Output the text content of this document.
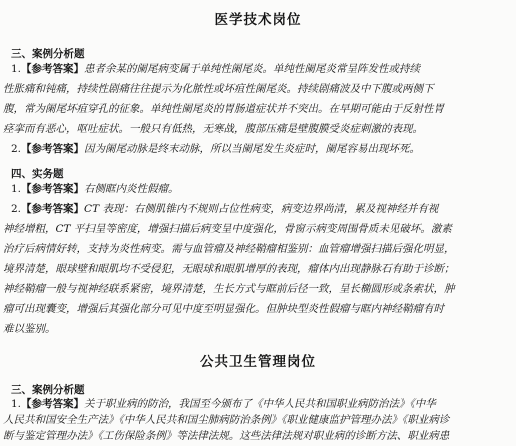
医学技术岗位
三、案例分析题
1.【参考答案】患者余某的阑尾病变属于单纯性阑尾炎。单纯性阑尾炎常呈阵发性或持续
性胀痛和钝痛，持续性剧痛往往提示为化脓性或坏疽性阑尾炎。持续剧痛波及中下腹或两侧下
腹，常为阑尾坏疽穿孔的征象。单纯性阑尾炎的胃肠道症状并不突出。在早期可能由于反射性胃
痉挛而有恶心，呕吐症状。一般只有低热，无寒战，腹部压痛是壁腹膜受炎症刺激的表现。
2.【参考答案】因为阑尾动脉是终末动脉，所以当阑尾发生炎症时，阑尾容易出现坏死。
四、实务题
1.【参考答案】右侧眶内炎性假瘤。
2.【参考答案】CT 表现：右侧肌锥内不规则占位性病变，病变边界尚清，累及视神经并有视
神经增粗，CT 平扫呈等密度，增强扫描后病变呈中度强化，骨窗示病变周围骨质未见破坏。激素
治疗后病情好转，支持为炎性病变。需与血管瘤及神经鞘瘤相鉴别：血管瘤增强扫描后强化明显，
境界清楚，眼球壁和眼肌均不受侵犯，无眼球和眼肌增厚的表现，瘤体内出现静脉石有助于诊断；
神经鞘瘤一般与视神经联系紧密，境界清楚，生长方式与眶前后径一致，呈长椭圆形或条索状，肿
瘤可出现囊变，增强后其强化部分可见中度至明显强化。但肿块型炎性假瘤与眶内神经鞘瘤有时
难以鉴别。
公共卫生管理岗位
三、案例分析题
1.【参考答案】关于职业病的防治，我国至今颁布了《中华人民共和国职业病防治法》《中华
人民共和国安全生产法》《中华人民共和国尘肺病防治条例》《职业健康监护管理办法》《职业病诊
断与鉴定管理办法》《工伤保险条例》等法律法规。这些法律法规对职业病的诊断方法、职业病患
